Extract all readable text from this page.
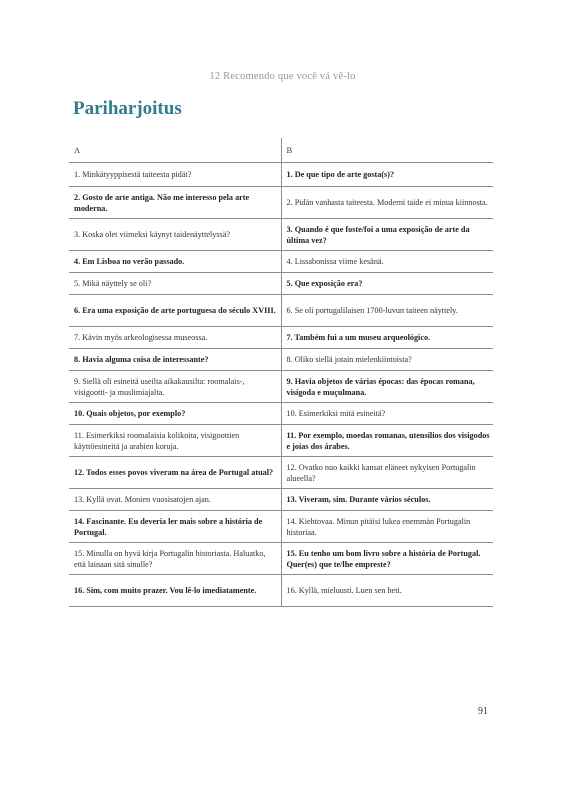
12 Recomendo que você vá vê-lo
Pariharjoitus
A	B
1. Minkätyyppisestä taiteesta pidät?	1. De que tipo de arte gosta(s)?
2. Gosto de arte antiga. Não me interesso pela arte moderna.	2. Pidän vanhasta taiteesta. Moderni taide ei minua kiinnosta.
3. Koska olet viimeksi käynyt taidenäyttelyssä?	3. Quando é que foste/foi a uma exposição de arte da última vez?
4. Em Lisboa no verão passado.	4. Lissabonissa viime kesänä.
5. Mikä näyttely se oli?	5. Que exposição era?
6. Era uma exposição de arte portuguesa do século XVIII.	6. Se oli portugalilaisen 1700-luvun taiteen näyttely.
7. Kävin myös arkeologisessa museossa.	7. Também fui a um museu arqueológico.
8. Havia alguma coisa de interessante?	8. Oliko siellä jotain mielenkiintoista?
9. Siellä oli esineitä useilta aikakausilta: roomalais-, visigootti- ja muslimiajalta.	9. Havia objetos de várias épocas: das épocas romana, visigoda e muçulmana.
10. Quais objetos, por exemplo?	10. Esimerkiksi mitä esineitä?
11. Esimerkiksi roomalaisia kolikoita, visigoottien käyttöesineitä ja arabien koruja.	11. Por exemplo, moedas romanas, utensílios dos visigodos e joias dos árabes.
12. Todos esses povos viveram na área de Portugal atual?	12. Ovatko nuo kaikki kansat eläneet nykyisen Portugalin alueella?
13. Kyllä ovat. Monien vuosisatojen ajan.	13. Viveram, sim. Durante vários séculos.
14. Fascinante. Eu deveria ler mais sobre a história de Portugal.	14. Kiehtovaa. Minun pitäisi lukea enemmän Portugalin historiaa.
15. Minulla on hyvä kirja Portugalin historiasta. Haluatko, että lainaan sitä sinulle?	15. Eu tenho um bom livro sobre a história de Portugal. Quer(es) que te/lhe empreste?
16. Sim, com muito prazer. Vou lê-lo imediatamente.	16. Kyllä, mieluusti. Luen sen heti.
91
